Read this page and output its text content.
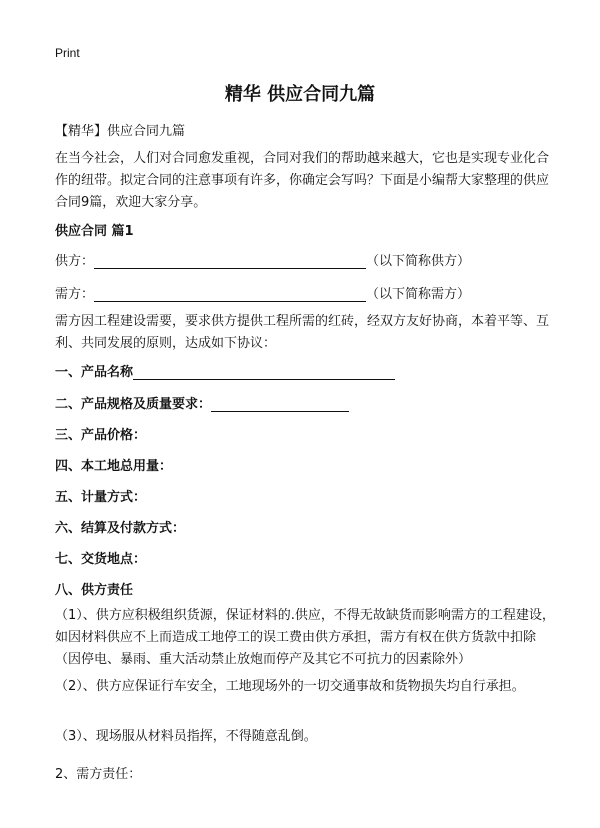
Print
精华 供应合同九篇
【精华】供应合同九篇
在当今社会，人们对合同愈发重视，合同对我们的帮助越来越大，它也是实现专业化合作的纽带。拟定合同的注意事项有许多，你确定会写吗？下面是小编帮大家整理的供应合同9篇，欢迎大家分享。
供应合同 篇1
供方：	（以下简称供方）
需方：	（以下简称需方）
需方因工程建设需要，要求供方提供工程所需的红砖，经双方友好协商，本着平等、互利、共同发展的原则，达成如下协议：
一、产品名称
二、产品规格及质量要求：
三、产品价格：
四、本工地总用量：
五、计量方式：
六、结算及付款方式：
七、交货地点：
八、供方责任
（1）、供方应积极组织货源，保证材料的.供应，不得无故缺货而影响需方的工程建设，如因材料供应不上而造成工地停工的误工费由供方承担，需方有权在供方货款中扣除（因停电、暴雨、重大活动禁止放炮而停产及其它不可抗力的因素除外）
（2）、供方应保证行车安全，工地现场外的一切交通事故和货物损失均自行承担。
（3）、现场服从材料员指挥，不得随意乱倒。
2、需方责任：
